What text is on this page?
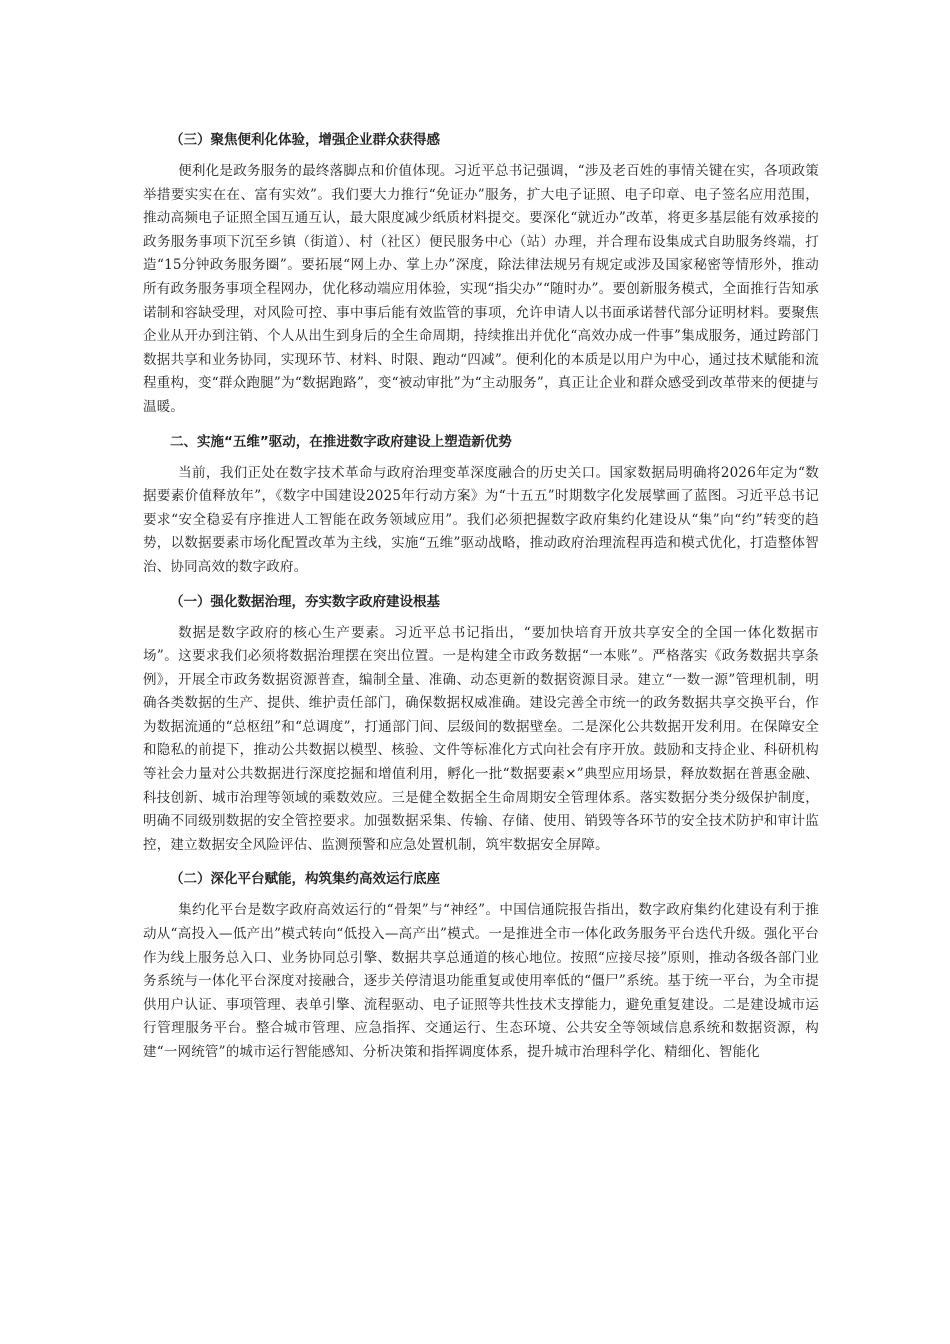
（三）聚焦便利化体验，增强企业群众获得感

便利化是政务服务的最终落脚点和价值体现。习近平总书记强调，“涉及老百姓的事情关键在实，各项政策举措要实实在在、富有实效”。我们要大力推行“免证办”服务，扩大电子证照、电子印章、电子签名应用范围，推动高频电子证照全国互通互认，最大限度减少纸质材料提交。要深化“就近办”改革，将更多基层能有效承接的政务服务事项下沉至乡镇（街道）、村（社区）便民服务中心（站）办理，并合理布设集成式自助服务终端，打造“15分钟政务服务圈”。要拓展“网上办、掌上办”深度，除法律法规另有规定或涉及国家秘密等情形外，推动所有政务服务事项全程网办，优化移动端应用体验，实现“指尖办”“随时办”。要创新服务模式，全面推行告知承诺制和容缺受理，对风险可控、事中事后能有效监管的事项，允许申请人以书面承诺替代部分证明材料。要聚焦企业从开办到注销、个人从出生到身后的全生命周期，持续推出并优化“高效办成一件事”集成服务，通过跨部门数据共享和业务协同，实现环节、材料、时限、跑动“四减”。便利化的本质是以用户为中心，通过技术赋能和流程重构，变“群众跑腿”为“数据跑路”，变“被动审批”为“主动服务”，真正让企业和群众感受到改革带来的便捷与温暖。

二、实施“五维”驱动，在推进数字政府建设上塑造新优势

当前，我们正处在数字技术革命与政府治理变革深度融合的历史关口。国家数据局明确将2026年定为“数据要素价值释放年”，《数字中国建设2025年行动方案》为“十五五”时期数字化发展擘画了蓝图。习近平总书记要求“安全稳妥有序推进人工智能在政务领域应用”。我们必须把握数字政府集约化建设从“集”向“约”转变的趋势，以数据要素市场化配置改革为主线，实施“五维”驱动战略，推动政府治理流程再造和模式优化，打造整体智治、协同高效的数字政府。

（一）强化数据治理，夯实数字政府建设根基

数据是数字政府的核心生产要素。习近平总书记指出，“要加快培育开放共享安全的全国一体化数据市场”。这要求我们必须将数据治理摆在突出位置。一是构建全市政务数据“一本账”。严格落实《政务数据共享条例》，开展全市政务数据资源普查，编制全量、准确、动态更新的数据资源目录。建立“一数一源”管理机制，明确各类数据的生产、提供、维护责任部门，确保数据权威准确。建设完善全市统一的政务数据共享交换平台，作为数据流通的“总枢纽”和“总调度”，打通部门间、层级间的数据壁垒。二是深化公共数据开发利用。在保障安全和隐私的前提下，推动公共数据以模型、核验、文件等标准化方式向社会有序开放。鼓励和支持企业、科研机构等社会力量对公共数据进行深度挖掘和增值利用，孵化一批“数据要素×”典型应用场景，释放数据在普惠金融、科技创新、城市治理等领域的乘数效应。三是健全数据全生命周期安全管理体系。落实数据分类分级保护制度，明确不同级别数据的安全管控要求。加强数据采集、传输、存储、使用、销毁等各环节的安全技术防护和审计监控，建立数据安全风险评估、监测预警和应急处置机制，筑牢数据安全屏障。

（二）深化平台赋能，构筑集约高效运行底座

集约化平台是数字政府高效运行的“骨架”与“神经”。中国信通院报告指出，数字政府集约化建设有利于推动从“高投入—低产出”模式转向“低投入—高产出”模式。一是推进全市一体化政务服务平台迭代升级。强化平台作为线上服务总入口、业务协同总引擎、数据共享总通道的核心地位。按照“应接尽接”原则，推动各级各部门业务系统与一体化平台深度对接融合，逐步关停清退功能重复或使用率低的“僵尸”系统。基于统一平台，为全市提供用户认证、事项管理、表单引擎、流程驱动、电子证照等共性技术支撑能力，避免重复建设。二是建设城市运行管理服务平台。整合城市管理、应急指挥、交通运行、生态环境、公共安全等领域信息系统和数据资源，构建“一网统管”的城市运行智能感知、分析决策和指挥调度体系，提升城市治理科学化、精细化、智能化
